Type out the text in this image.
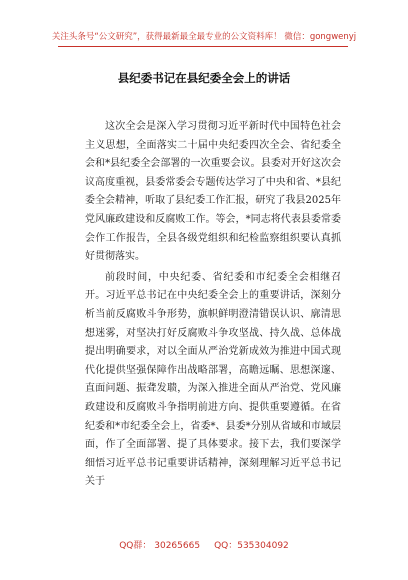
关注头条号“公文研究”，获得最新最全最专业的公文资料库！ 微信：gongwenyj
县纪委书记在县纪委全会上的讲话

这次全会是深入学习贯彻习近平新时代中国特色社会主义思想，全面落实二十届中央纪委四次全会、省纪委全会和*县纪委全会部署的一次重要会议。县委对开好这次会议高度重视，县委常委会专题传达学习了中央和省、*县纪委全会精神，听取了县纪委工作汇报，研究了我县2025年党风廉政建设和反腐败工作。等会，*同志将代表县委常委会作工作报告，全县各级党组织和纪检监察组织要认真抓好贯彻落实。

前段时间，中央纪委、省纪委和市纪委全会相继召开。习近平总书记在中央纪委全会上的重要讲话，深刻分析当前反腐败斗争形势，旗帜鲜明澄清错误认识、廓清思想迷雾，对坚决打好反腐败斗争攻坚战、持久战、总体战提出明确要求，对以全面从严治党新成效为推进中国式现代化提供坚强保障作出战略部署，高瞻远瞩、思想深邃、直面问题、振聋发聩，为深入推进全面从严治党、党风廉政建设和反腐败斗争指明前进方向、提供重要遵循。在省纪委和*市纪委全会上，省委*、县委*分别从省域和市域层面，作了全面部署、提了具体要求。接下去，我们要深学细悟习近平总书记重要讲话精神，深刻理解习近平总书记关于

QQ群： 30265665 QQ：535304092
